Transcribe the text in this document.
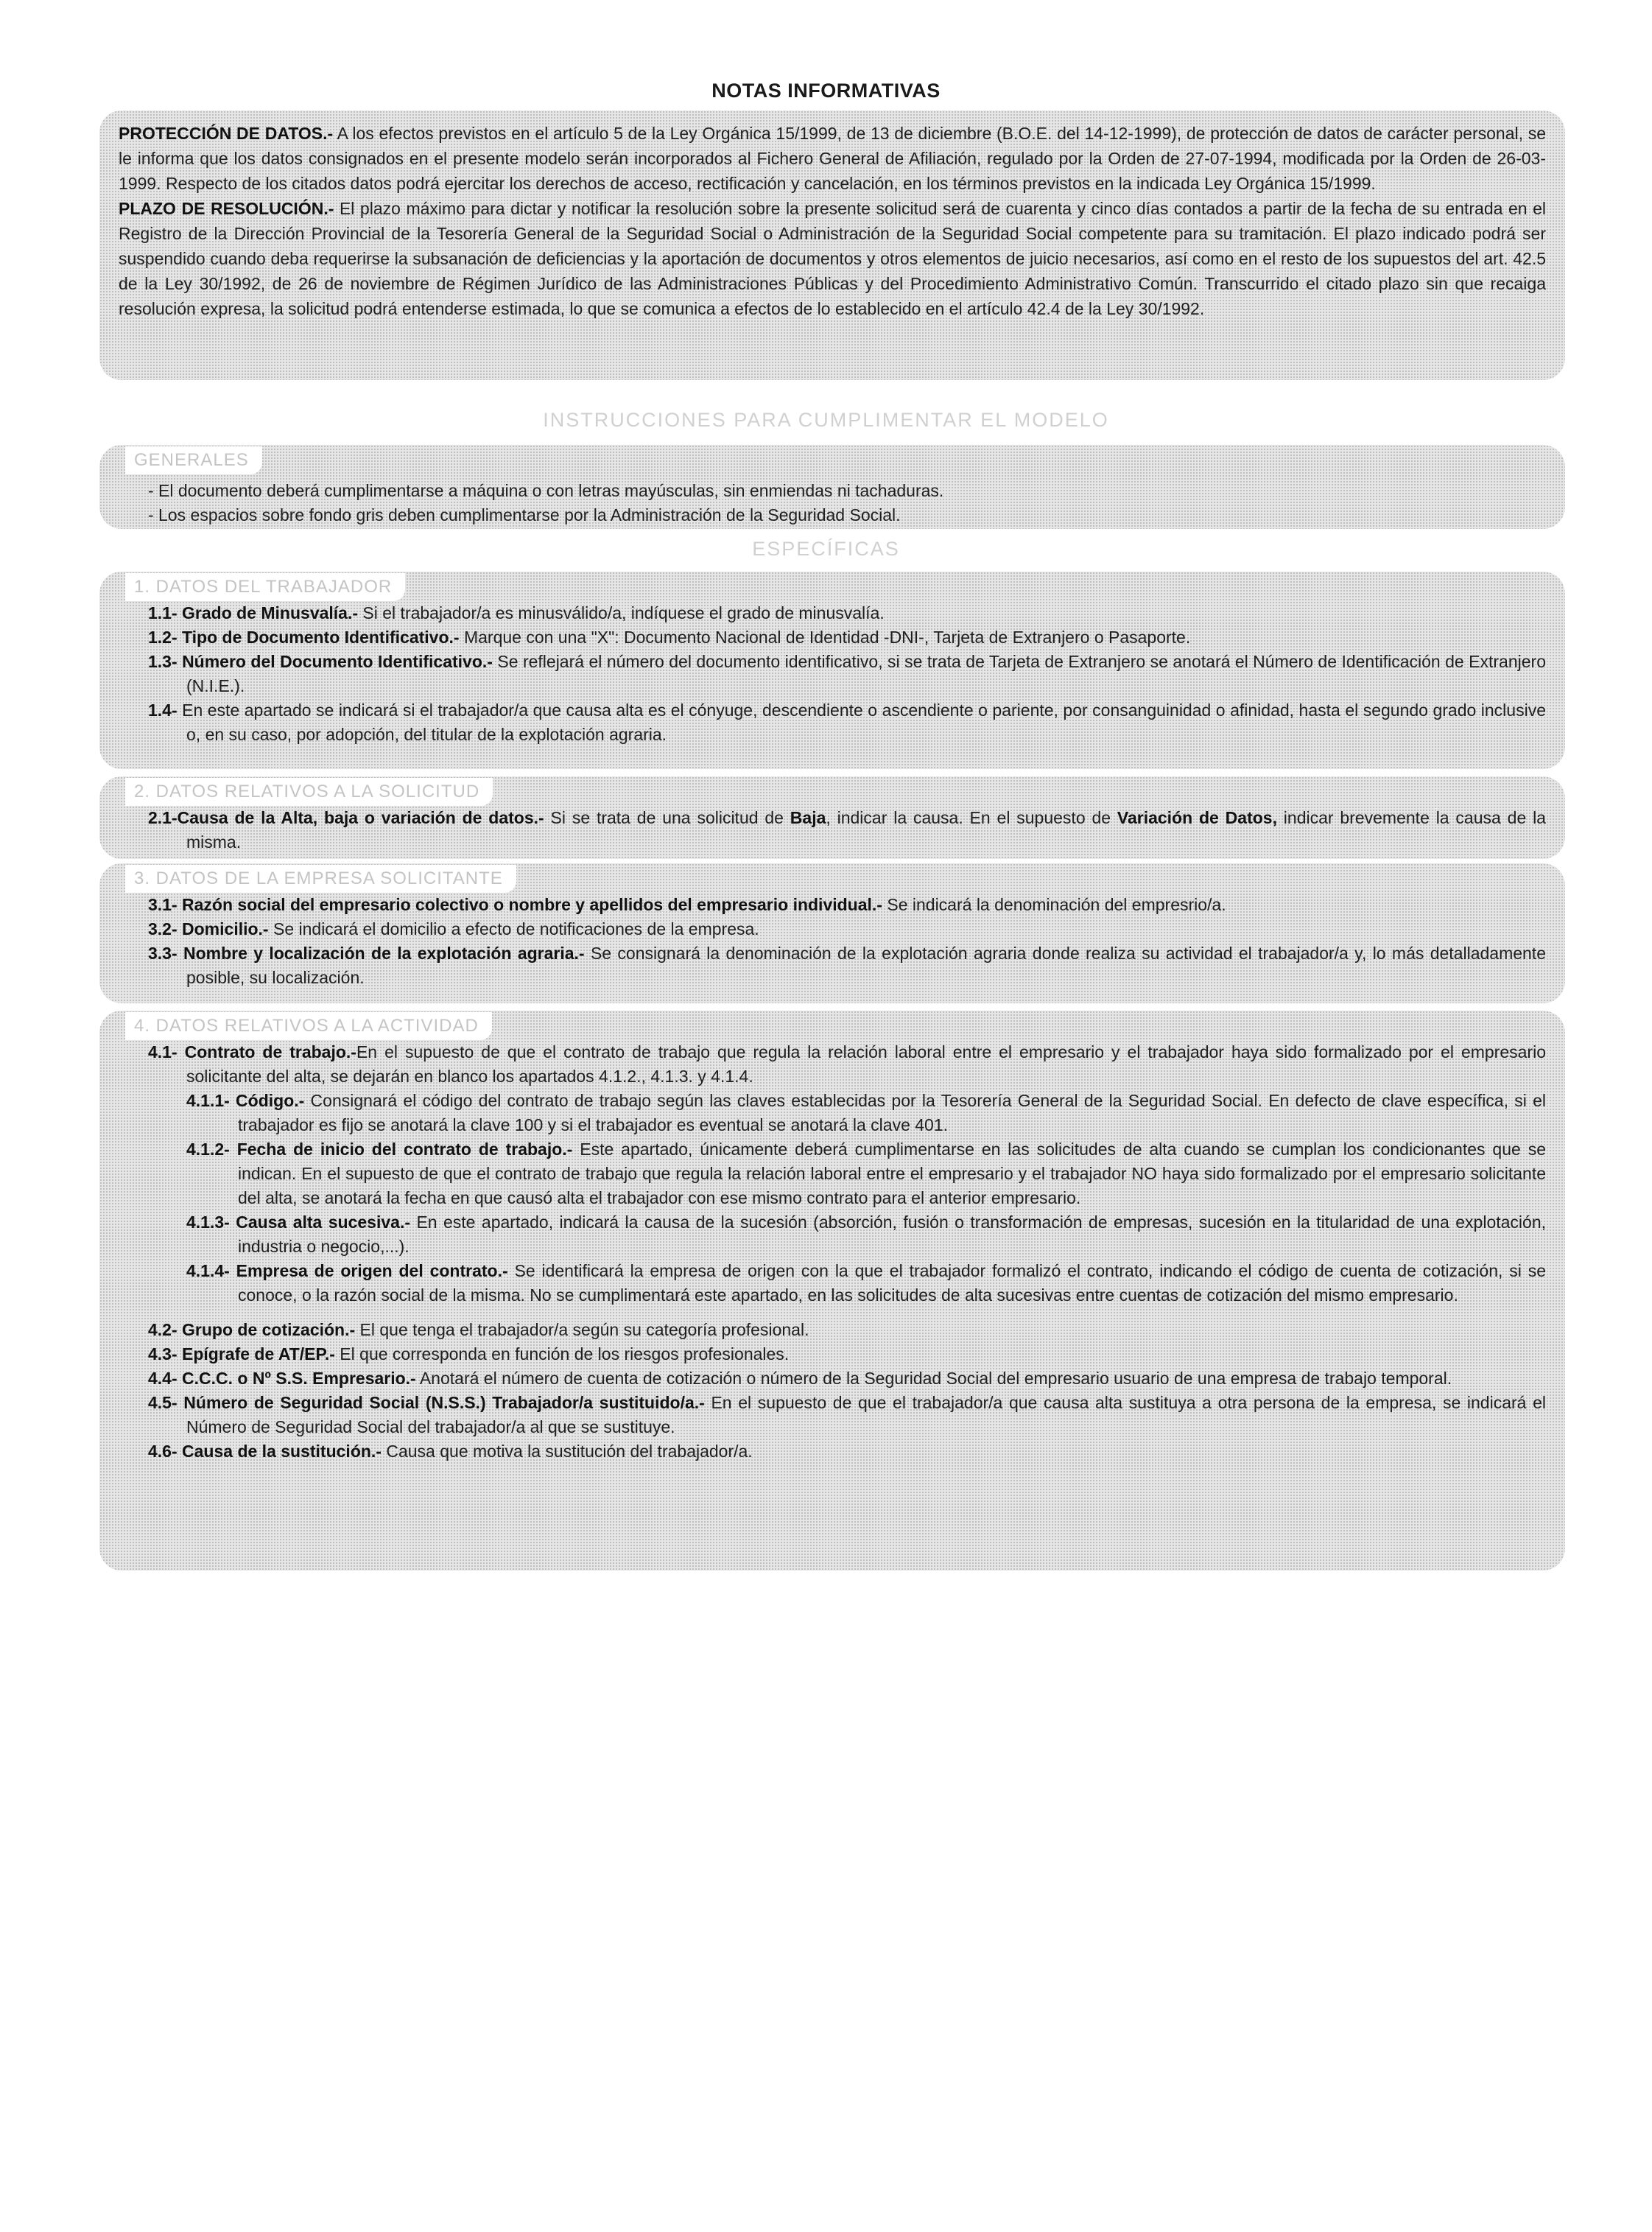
NOTAS INFORMATIVAS

PROTECCIÓN DE DATOS.- A los efectos previstos en el artículo 5 de la Ley Orgánica 15/1999, de 13 de diciembre (B.O.E. del 14-12-1999), de protección de datos de carácter personal, se le informa que los datos consignados en el presente modelo serán incorporados al Fichero General de Afiliación, regulado por la Orden de 27-07-1994, modificada por la Orden de 26-03-1999. Respecto de los citados datos podrá ejercitar los derechos de acceso, rectificación y cancelación, en los términos previstos en la indicada Ley Orgánica 15/1999.

PLAZO DE RESOLUCIÓN.- El plazo máximo para dictar y notificar la resolución sobre la presente solicitud será de cuarenta y cinco días contados a partir de la fecha de su entrada en el Registro de la Dirección Provincial de la Tesorería General de la Seguridad Social o Administración de la Seguridad Social competente para su tramitación. El plazo indicado podrá ser suspendido cuando deba requerirse la subsanación de deficiencias y la aportación de documentos y otros elementos de juicio necesarios, así como en el resto de los supuestos del art. 42.5 de la Ley 30/1992, de 26 de noviembre de Régimen Jurídico de las Administraciones Públicas y del Procedimiento Administrativo Común. Transcurrido el citado plazo sin que recaiga resolución expresa, la solicitud podrá entenderse estimada, lo que se comunica a efectos de lo establecido en el artículo 42.4 de la Ley 30/1992.

INSTRUCCIONES PARA CUMPLIMENTAR EL MODELO
- El documento deberá cumplimentarse a máquina o con letras mayúsculas, sin enmiendas ni tachaduras.
- Los espacios sobre fondo gris deben cumplimentarse por la Administración de la Seguridad Social.
GENERALES
ESPECÍFICAS
1.1- Grado de Minusvalía.- Si el trabajador/a es minusválido/a, indíquese el grado de minusvalía.
1.2- Tipo de Documento Identificativo.- Marque con una "X": Documento Nacional de Identidad -DNI-, Tarjeta de Extranjero o Pasaporte.
1.3- Número del Documento Identificativo.- Se reflejará el número del documento identificativo, si se trata de Tarjeta de Extranjero se anotará el Número de Identificación de Extranjero (N.I.E.).
1.4- En este apartado se indicará si el trabajador/a que causa alta es el cónyuge, descendiente o ascendiente o pariente, por consanguinidad o afinidad, hasta el segundo grado inclusive o, en su caso, por adopción, del titular de la explotación agraria.
1. DATOS DEL TRABAJADOR
2.1-Causa de la Alta, baja o variación de datos.- Si se trata de una solicitud de Baja, indicar la causa. En el supuesto de Variación de Datos, indicar brevemente la causa de la misma.
2. DATOS RELATIVOS A LA SOLICITUD
3.1- Razón social del empresario colectivo o nombre y apellidos del empresario individual.- Se indicará la denominación del empresrio/a.
3.2- Domicilio.- Se indicará el domicilio a efecto de notificaciones de la empresa.
3.3- Nombre y localización de la explotación agraria.- Se consignará la denominación de la explotación agraria donde realiza su actividad el trabajador/a y, lo más detalladamente posible, su localización.
3. DATOS DE LA EMPRESA SOLICITANTE
4.1- Contrato de trabajo.-En el supuesto de que el contrato de trabajo que regula la relación laboral entre el empresario y el trabajador haya sido formalizado por el empresario solicitante del alta, se dejarán en blanco los apartados 4.1.2., 4.1.3. y 4.1.4.
4.1.1- Código.- Consignará el código del contrato de trabajo según las claves establecidas por la Tesorería General de la Seguridad Social. En defecto de clave específica, si el trabajador es fijo se anotará la clave 100 y si el trabajador es eventual se anotará la clave 401.
4.1.2- Fecha de inicio del contrato de trabajo.- Este apartado, únicamente deberá cumplimentarse en las solicitudes de alta cuando se cumplan los condicionantes que se indican. En el supuesto de que el contrato de trabajo que regula la relación laboral entre el empresario y el trabajador NO haya sido formalizado por el empresario solicitante del alta, se anotará la fecha en que causó alta el trabajador con ese mismo contrato para el anterior empresario.
4.1.3- Causa alta sucesiva.- En este apartado, indicará la causa de la sucesión (absorción, fusión o transformación de empresas, sucesión en la titularidad de una explotación, industria o negocio,...).
4.1.4- Empresa de origen del contrato.- Se identificará la empresa de origen con la que el trabajador formalizó el contrato, indicando el código de cuenta de cotización, si se conoce, o la razón social de la misma. No se cumplimentará este apartado, en las solicitudes de alta sucesivas entre cuentas de cotización del mismo empresario.
4.2- Grupo de cotización.- El que tenga el trabajador/a según su categoría profesional.
4.3- Epígrafe de AT/EP.- El que corresponda en función de los riesgos profesionales.
4.4- C.C.C. o Nº S.S. Empresario.- Anotará el número de cuenta de cotización o número de la Seguridad Social del empresario usuario de una empresa de trabajo temporal.
4.5- Número de Seguridad Social (N.S.S.) Trabajador/a sustituido/a.- En el supuesto de que el trabajador/a que causa alta sustituya a otra persona de la empresa, se indicará el Número de Seguridad Social del trabajador/a al que se sustituye.
4.6- Causa de la sustitución.- Causa que motiva la sustitución del trabajador/a.
4. DATOS RELATIVOS A LA ACTIVIDAD
